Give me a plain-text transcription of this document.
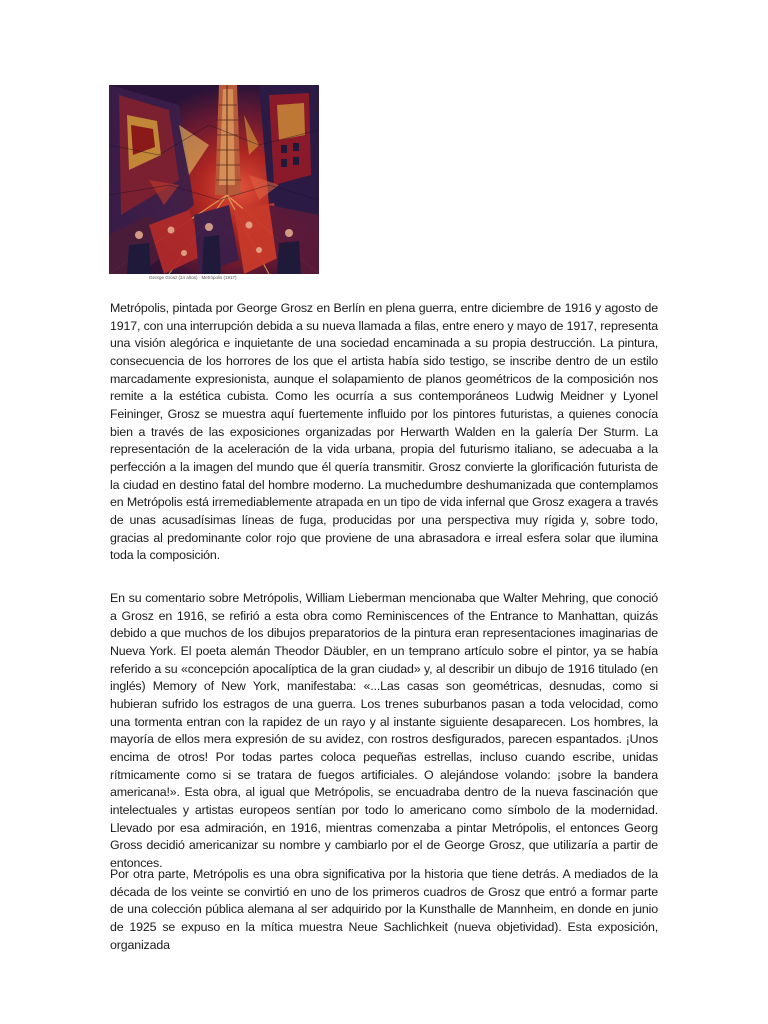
George Grosz (24 años) · Metrópolis (1917)

Metrópolis, pintada por George Grosz en Berlín en plena guerra, entre diciembre de 1916 y agosto de 1917, con una interrupción debida a su nueva llamada a filas, entre enero y mayo de 1917, representa una visión alegórica e inquietante de una sociedad encaminada a su propia destrucción. La pintura, consecuencia de los horrores de los que el artista había sido testigo, se inscribe dentro de un estilo marcadamente expresionista, aunque el solapamiento de planos geométricos de la composición nos remite a la estética cubista. Como les ocurría a sus contemporáneos Ludwig Meidner y Lyonel Feininger, Grosz se muestra aquí fuertemente influido por los pintores futuristas, a quienes conocía bien a través de las exposiciones organizadas por Herwarth Walden en la galería Der Sturm. La representación de la aceleración de la vida urbana, propia del futurismo italiano, se adecuaba a la perfección a la imagen del mundo que él quería transmitir. Grosz convierte la glorificación futurista de la ciudad en destino fatal del hombre moderno. La muchedumbre deshumanizada que contemplamos en Metrópolis está irremediablemente atrapada en un tipo de vida infernal que Grosz exagera a través de unas acusadísimas líneas de fuga, producidas por una perspectiva muy rígida y, sobre todo, gracias al predominante color rojo que proviene de una abrasadora e irreal esfera solar que ilumina toda la composición.

En su comentario sobre Metrópolis, William Lieberman mencionaba que Walter Mehring, que conoció a Grosz en 1916, se refirió a esta obra como Reminiscences of the Entrance to Manhattan, quizás debido a que muchos de los dibujos preparatorios de la pintura eran representaciones imaginarias de Nueva York. El poeta alemán Theodor Däubler, en un temprano artículo sobre el pintor, ya se había referido a su «concepción apocalíptica de la gran ciudad» y, al describir un dibujo de 1916 titulado (en inglés) Memory of New York, manifestaba: «...Las casas son geométricas, desnudas, como si hubieran sufrido los estragos de una guerra. Los trenes suburbanos pasan a toda velocidad, como una tormenta entran con la rapidez de un rayo y al instante siguiente desaparecen. Los hombres, la mayoría de ellos mera expresión de su avidez, con rostros desfigurados, parecen espantados. ¡Unos encima de otros! Por todas partes coloca pequeñas estrellas, incluso cuando escribe, unidas rítmicamente como si se tratara de fuegos artificiales. O alejándose volando: ¡sobre la bandera americana!». Esta obra, al igual que Metrópolis, se encuadraba dentro de la nueva fascinación que intelectuales y artistas europeos sentían por todo lo americano como símbolo de la modernidad. Llevado por esa admiración, en 1916, mientras comenzaba a pintar Metrópolis, el entonces Georg Gross decidió americanizar su nombre y cambiarlo por el de George Grosz, que utilizaría a partir de entonces.

Por otra parte, Metrópolis es una obra significativa por la historia que tiene detrás. A mediados de la década de los veinte se convirtió en uno de los primeros cuadros de Grosz que entró a formar parte de una colección pública alemana al ser adquirido por la Kunsthalle de Mannheim, en donde en junio de 1925 se expuso en la mítica muestra Neue Sachlichkeit (nueva objetividad). Esta exposición, organizada
